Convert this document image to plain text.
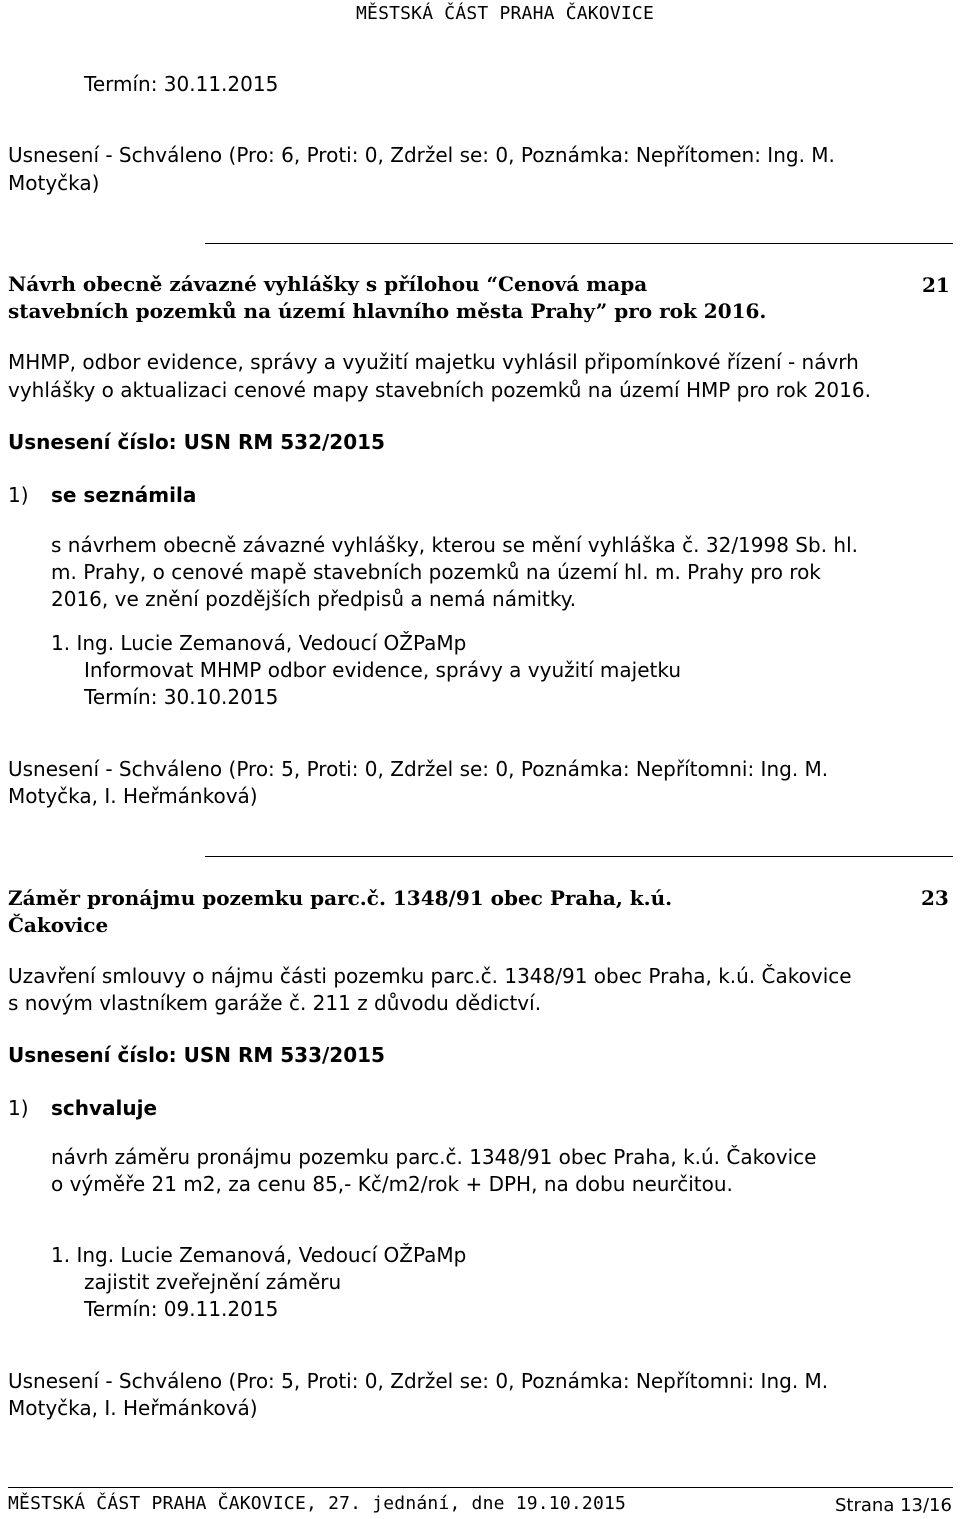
MĚSTSKÁ ČÁST PRAHA ČAKOVICE
Termín: 30.11.2015
Usnesení - Schváleno (Pro: 6, Proti: 0, Zdržel se: 0, Poznámka: Nepřítomen: Ing. M.
Motyčka)
Návrh obecně závazné vyhlášky s přílohou “Cenová mapa
stavebních pozemků na území hlavního města Prahy” pro rok 2016.
21
MHMP, odbor evidence, správy a využití majetku vyhlásil připomínkové řízení - návrh
vyhlášky o aktualizaci cenové mapy stavebních pozemků na území HMP pro rok 2016.
Usnesení číslo: USN RM 532/2015
1) se seznámila
s návrhem obecně závazné vyhlášky, kterou se mění vyhláška č. 32/1998 Sb. hl.
m. Prahy, o cenové mapě stavebních pozemků na území hl. m. Prahy pro rok
2016, ve znění pozdějších předpisů a nemá námitky.
1. Ing. Lucie Zemanová, Vedoucí OŽPaMp
Informovat MHMP odbor evidence, správy a využití majetku
Termín: 30.10.2015
Usnesení - Schváleno (Pro: 5, Proti: 0, Zdržel se: 0, Poznámka: Nepřítomni: Ing. M.
Motyčka, I. Heřmánková)
Záměr pronájmu pozemku parc.č. 1348/91 obec Praha, k.ú.
Čakovice
23
Uzavření smlouvy o nájmu části pozemku parc.č. 1348/91 obec Praha, k.ú. Čakovice
s novým vlastníkem garáže č. 211 z důvodu dědictví.
Usnesení číslo: USN RM 533/2015
1) schvaluje
návrh záměru pronájmu pozemku parc.č. 1348/91 obec Praha, k.ú. Čakovice
o výměře 21 m2, za cenu 85,- Kč/m2/rok + DPH, na dobu neurčitou.
1. Ing. Lucie Zemanová, Vedoucí OŽPaMp
zajistit zveřejnění záměru
Termín: 09.11.2015
Usnesení - Schváleno (Pro: 5, Proti: 0, Zdržel se: 0, Poznámka: Nepřítomni: Ing. M.
Motyčka, I. Heřmánková)
MĚSTSKÁ ČÁST PRAHA ČAKOVICE, 27. jednání, dne 19.10.2015	Strana 13/16
